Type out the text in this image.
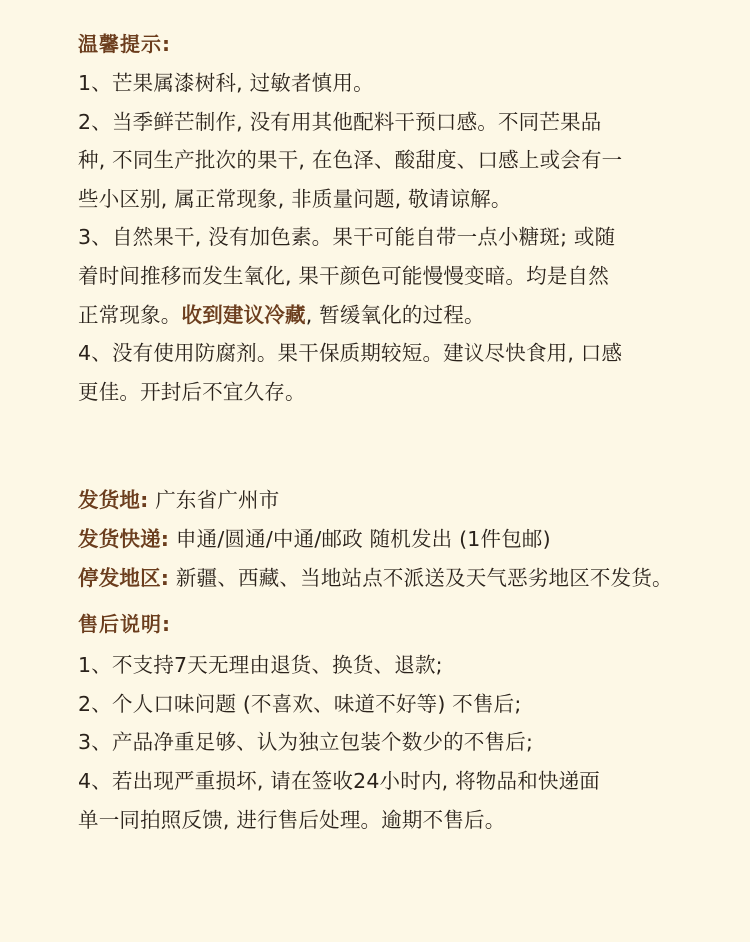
温馨提示:
1、芒果属漆树科, 过敏者慎用。
2、当季鲜芒制作, 没有用其他配料干预口感。不同芒果品
种, 不同生产批次的果干, 在色泽、酸甜度、口感上或会有一
些小区别, 属正常现象, 非质量问题, 敬请谅解。
3、自然果干, 没有加色素。果干可能自带一点小糖斑; 或随
着时间推移而发生氧化, 果干颜色可能慢慢变暗。均是自然
正常现象。收到建议冷藏, 暂缓氧化的过程。
4、没有使用防腐剂。果干保质期较短。建议尽快食用, 口感
更佳。开封后不宜久存。
发货地: 广东省广州市
发货快递: 申通/圆通/中通/邮政 随机发出 (1件包邮)
停发地区: 新疆、西藏、当地站点不派送及天气恶劣地区不发货。
售后说明:
1、不支持7天无理由退货、换货、退款;
2、个人口味问题 (不喜欢、味道不好等) 不售后;
3、产品净重足够、认为独立包装个数少的不售后;
4、若出现严重损坏, 请在签收24小时内, 将物品和快递面
单一同拍照反馈, 进行售后处理。逾期不售后。
